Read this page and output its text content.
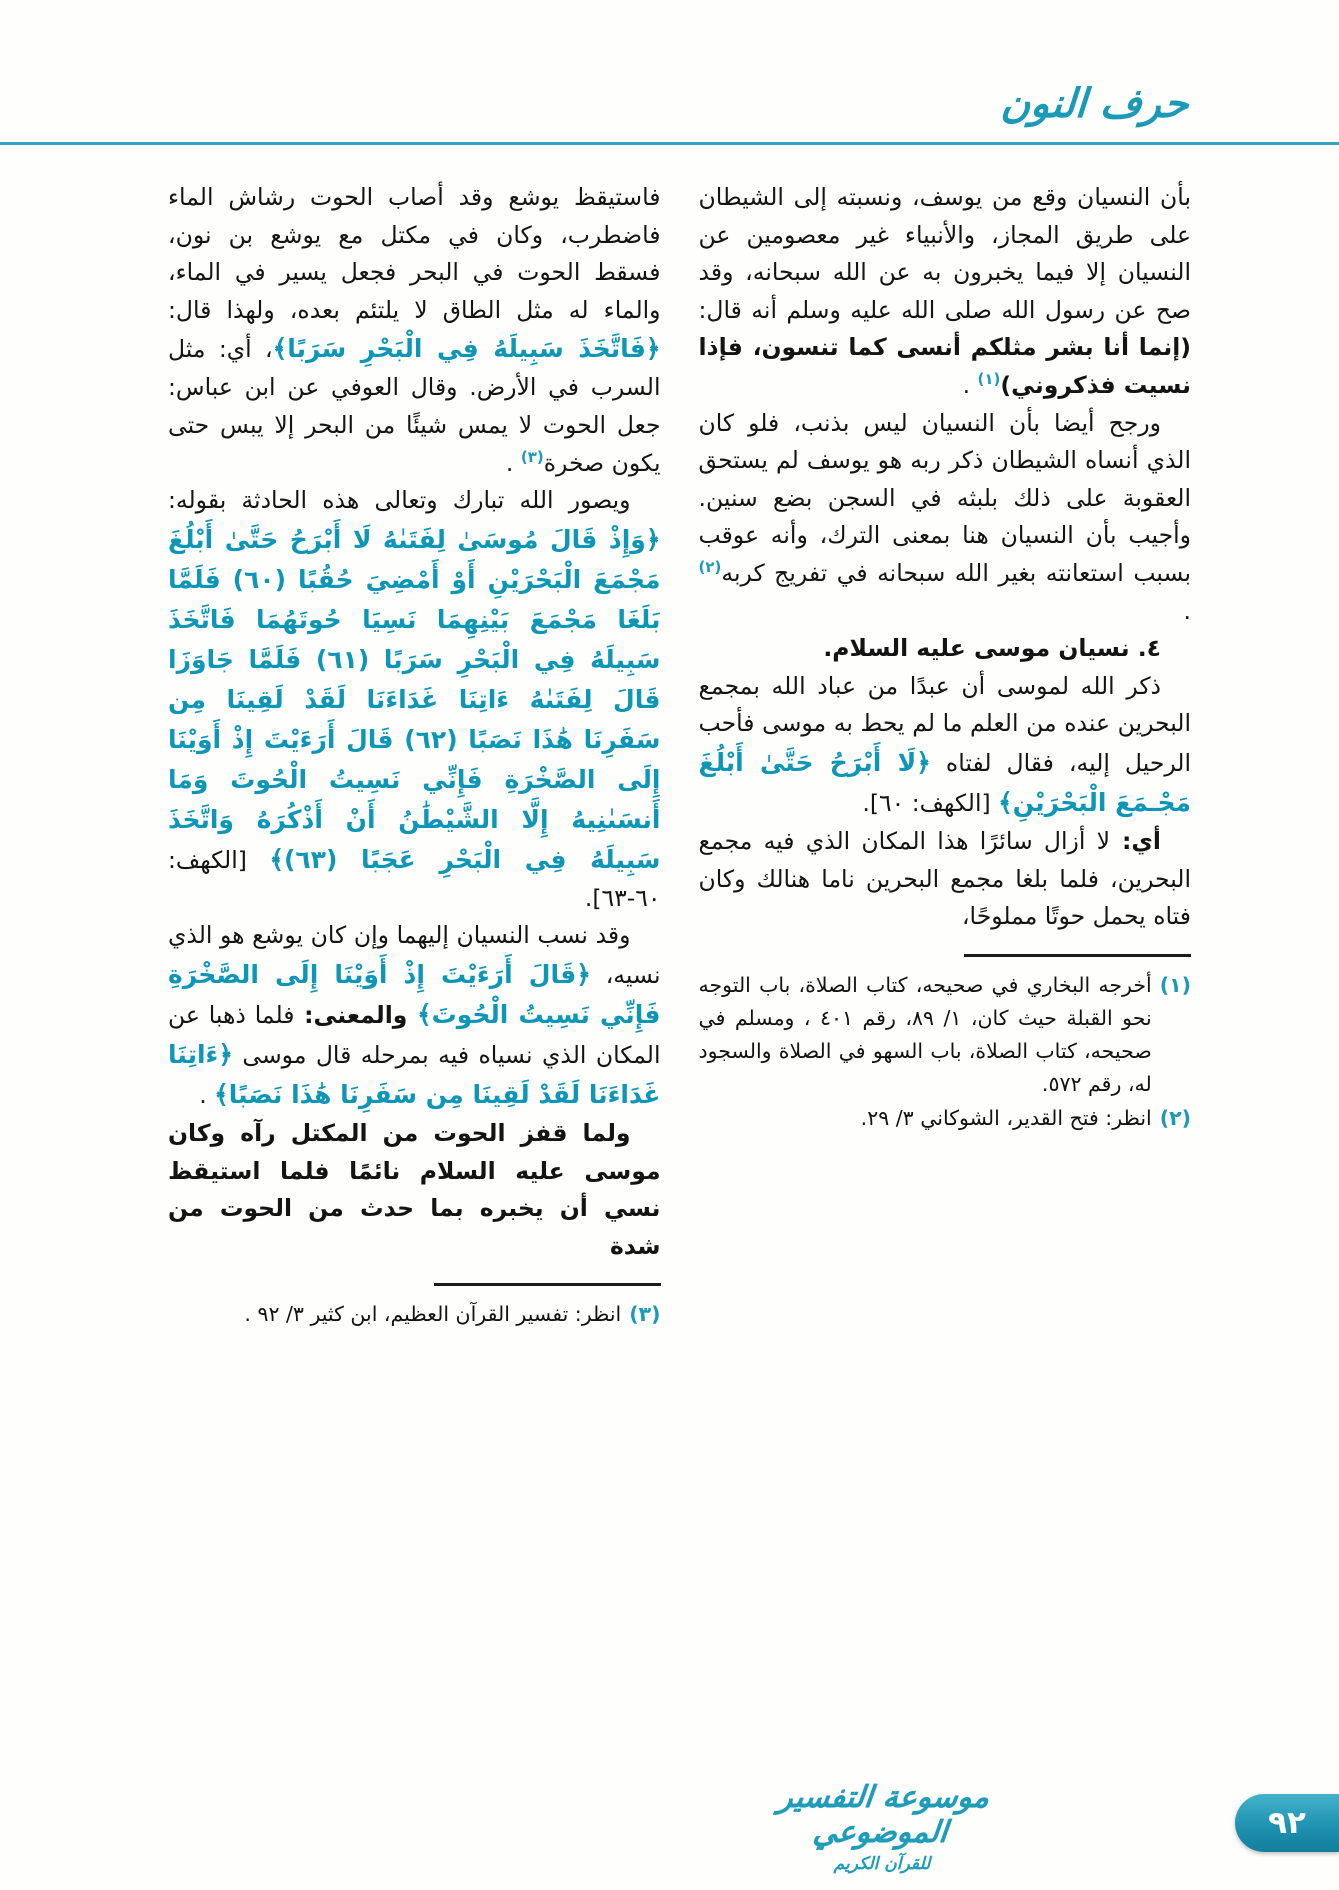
حرف النون

بأن النسيان وقع من يوسف، ونسبته إلى الشيطان على طريق المجاز، والأنبياء غير معصومين عن النسيان إلا فيما يخبرون به عن الله سبحانه، وقد صح عن رسول الله صلى الله عليه وسلم أنه قال: (إنما أنا بشر مثلكم أنسى كما تنسون، فإذا نسيت فذكروني)$^{(١)}$ .

ورجح أيضا بأن النسيان ليس بذنب، فلو كان الذي أنساه الشيطان ذكر ربه هو يوسف لم يستحق العقوبة على ذلك بلبثه في السجن بضع سنين. وأجيب بأن النسيان هنا بمعنى الترك، وأنه عوقب بسبب استعانته بغير الله سبحانه في تفريج كربه$^{(٢)}$ .

٤. نسيان موسى عليه السلام.

ذكر الله لموسى أن عبدًا من عباد الله بمجمع البحرين عنده من العلم ما لم يحط به موسى فأحب الرحيل إليه، فقال لفتاه ﴿لَا أَبْرَحُ حَتَّىٰ أَبْلُغَ مَجْـمَعَ الْبَحْرَيْنِ﴾ [الكهف: ٦٠].

أي: لا أزال سائرًا هذا المكان الذي فيه مجمع البحرين، فلما بلغا مجمع البحرين ناما هنالك وكان فتاه يحمل حوتًا مملوحًا،

(١)
أخرجه البخاري في صحيحه، كتاب الصلاة، باب التوجه نحو القبلة حيث كان، ١/ ٨٩، رقم ٤٠١ ، ومسلم في صحيحه، كتاب الصلاة، باب السهو في الصلاة والسجود له، رقم ٥٧٢.
(٢)
انظر: فتح القدير، الشوكاني ٣/ ٢٩.

فاستيقظ يوشع وقد أصاب الحوت رشاش الماء فاضطرب، وكان في مكتل مع يوشع بن نون، فسقط الحوت في البحر فجعل يسير في الماء، والماء له مثل الطاق لا يلتئم بعده، ولهذا قال: ﴿فَاتَّخَذَ سَبِيلَهُ فِي الْبَحْرِ سَرَبًا﴾، أي: مثل السرب في الأرض. وقال العوفي عن ابن عباس: جعل الحوت لا يمس شيئًا من البحر إلا يبس حتى يكون صخرة$^{(٣)}$ .

ويصور الله تبارك وتعالى هذه الحادثة بقوله: ﴿وَإِذْ قَالَ مُوسَىٰ لِفَتَىٰهُ لَا أَبْرَحُ حَتَّىٰ أَبْلُغَ مَجْمَعَ الْبَحْرَيْنِ أَوْ أَمْضِيَ حُقُبًا (٦٠) فَلَمَّا بَلَغَا مَجْمَعَ بَيْنِهِمَا نَسِيَا حُوتَهُمَا فَاتَّخَذَ سَبِيلَهُ فِي الْبَحْرِ سَرَبًا (٦١) فَلَمَّا جَاوَزَا قَالَ لِفَتَىٰهُ ءَاتِنَا غَدَاءَنَا لَقَدْ لَقِينَا مِن سَفَرِنَا هَٰذَا نَصَبًا (٦٢) قَالَ أَرَءَيْتَ إِذْ أَوَيْنَا إِلَى الصَّخْرَةِ فَإِنِّي نَسِيتُ الْحُوتَ وَمَا أَنسَىٰنِيهُ إِلَّا الشَّيْطَٰنُ أَنْ أَذْكُرَهُ وَاتَّخَذَ سَبِيلَهُ فِي الْبَحْرِ عَجَبًا (٦٣)﴾ [الكهف: ٦٠-٦٣].

وقد نسب النسيان إليهما وإن كان يوشع هو الذي نسيه، ﴿قَالَ أَرَءَيْتَ إِذْ أَوَيْنَا إِلَى الصَّخْرَةِ فَإِنِّي نَسِيتُ الْحُوتَ﴾ والمعنى: فلما ذهبا عن المكان الذي نسياه فيه بمرحله قال موسى ﴿ءَاتِنَا غَدَاءَنَا لَقَدْ لَقِينَا مِن سَفَرِنَا هَٰذَا نَصَبًا﴾ .

ولما قفز الحوت من المكتل رآه وكان موسى عليه السلام نائمًا فلما استيقظ نسي أن يخبره بما حدث من الحوت من شدة

(٣)
انظر: تفسير القرآن العظيم، ابن كثير ٣/ ٩٢ .
موسوعة التفسير الموضوعي
للقرآن الكريم
٩٢
